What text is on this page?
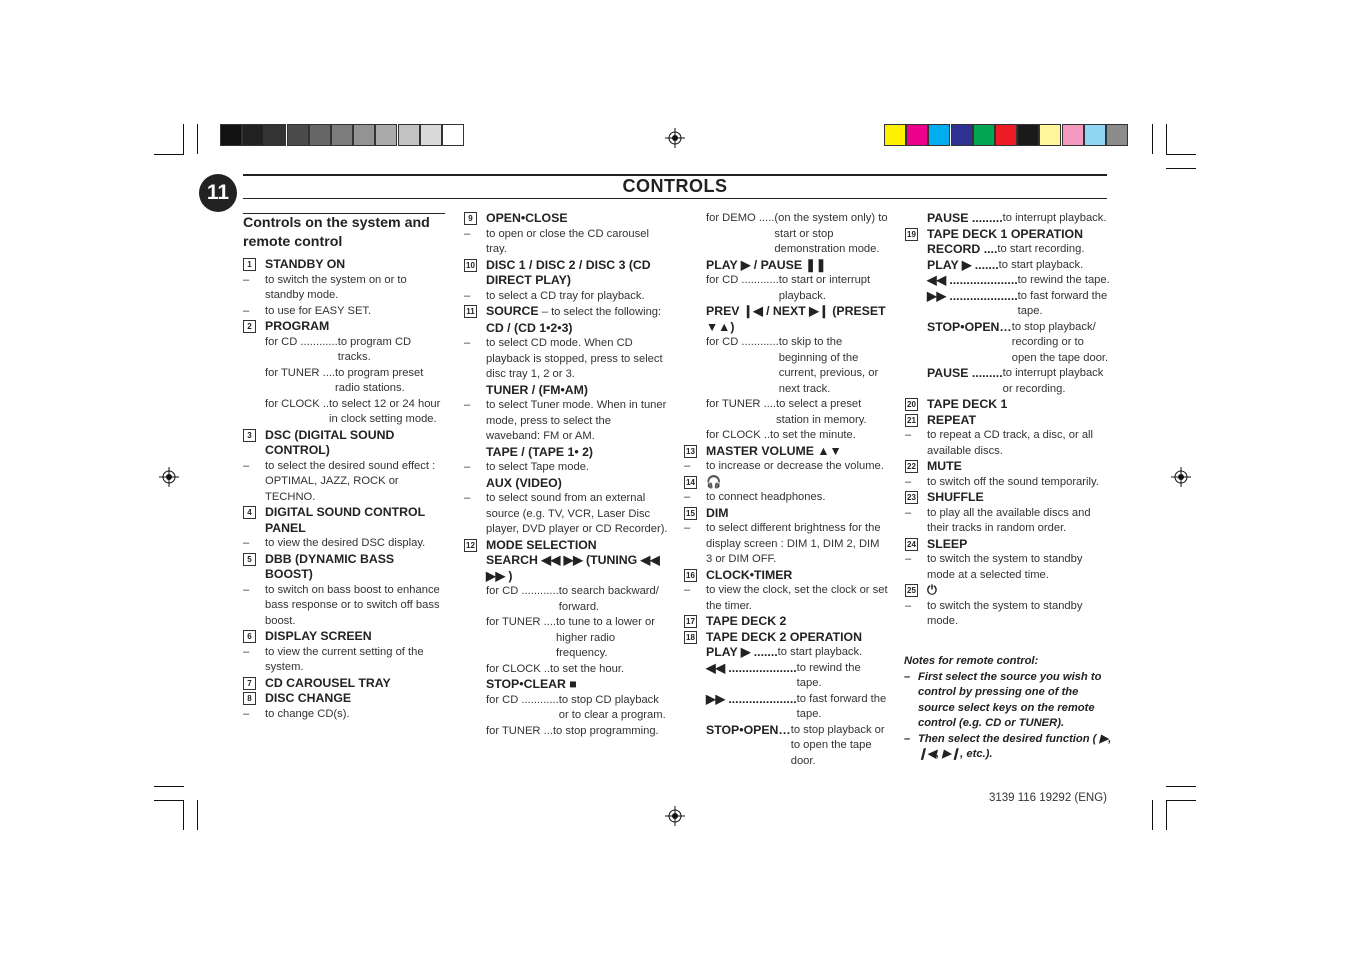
11	CONTROLS
Controls on the system and remote control
1	STANDBY ON
– to switch the system on or to standby mode.
– to use for EASY SET.
2	PROGRAM
for CD ............ to program CD tracks.
for TUNER .... to program preset radio stations.
for CLOCK .. to select 12 or 24 hour in clock setting mode.
3	DSC (DIGITAL SOUND CONTROL)
– to select the desired sound effect : OPTIMAL, JAZZ, ROCK or TECHNO.
4	DIGITAL SOUND CONTROL PANEL
– to view the desired DSC display.
5	DBB (DYNAMIC BASS BOOST)
– to switch on bass boost to enhance bass response or to switch off bass boost.
6	DISPLAY SCREEN
– to view the current setting of the system.
7	CD CAROUSEL TRAY
8	DISC CHANGE
– to change CD(s).
9	OPEN•CLOSE
– to open or close the CD carousel tray.
10 DISC 1 / DISC 2 / DISC 3 (CD DIRECT PLAY)
– to select a CD tray for playback.
11 SOURCE – to select the following:
CD / (CD 1•2•3)
– to select CD mode. When CD playback is stopped, press to select disc tray 1, 2 or 3.
TUNER / (FM•AM)
– to select Tuner mode. When in tuner mode, press to select the waveband: FM or AM.
TAPE / (TAPE 1• 2)
– to select Tape mode.
AUX (VIDEO)
– to select sound from an external source (e.g. TV, VCR, Laser Disc player, DVD player or CD Recorder).
12 MODE SELECTION
SEARCH ◀◀ ▶▶ (TUNING ◀◀ ▶▶ )
for CD ............ to search backward/ forward.
for TUNER .... to tune to a lower or higher radio frequency.
for CLOCK .. to set the hour.
STOP•CLEAR ■
for CD ............ to stop CD playback or to clear a program.
for TUNER ... to stop programming.
for DEMO ..... (on the system only) to start or stop demonstration mode.
PLAY ▶ / PAUSE ❚❚
for CD ............ to start or interrupt playback.
PREV ❙◀ / NEXT ▶❙ (PRESET ▼▲)
for CD ............ to skip to the beginning of the current, previous, or next track.
for TUNER .... to select a preset station in memory.
for CLOCK .. to set the minute.
13 MASTER VOLUME ▲▼
– to increase or decrease the volume.
14 🎧
– to connect headphones.
15 DIM
– to select different brightness for the display screen : DIM 1, DIM 2, DIM 3 or DIM OFF.
16 CLOCK•TIMER
– to view the clock, set the clock or set the timer.
17 TAPE DECK 2
18 TAPE DECK 2 OPERATION
PLAY ▶ ....... to start playback.
◀◀ .................... to rewind the tape.
▶▶ .................... to fast forward the tape.
STOP•OPEN… to stop playback or to open the tape door.
PAUSE ......... to interrupt playback.
19 TAPE DECK 1 OPERATION
RECORD .... to start recording.
PLAY ▶ ....... to start playback.
◀◀ .................... to rewind the tape.
▶▶ .................... to fast forward the tape.
STOP•OPEN… to stop playback/ recording or to open the tape door.
PAUSE ......... to interrupt playback or recording.
20 TAPE DECK 1
21 REPEAT
– to repeat a CD track, a disc, or all available discs.
22 MUTE
– to switch off the sound temporarily.
23 SHUFFLE
– to play all the available discs and their tracks in random order.
24 SLEEP
– to switch the system to standby mode at a selected time.
25 ⏻
– to switch the system to standby mode.
Notes for remote control:
– First select the source you wish to control by pressing one of the source select keys on the remote control (e.g. CD or TUNER).
– Then select the desired function ( ▶, ❙◀, ▶❙, etc.).
3139 116 19292 (ENG)
